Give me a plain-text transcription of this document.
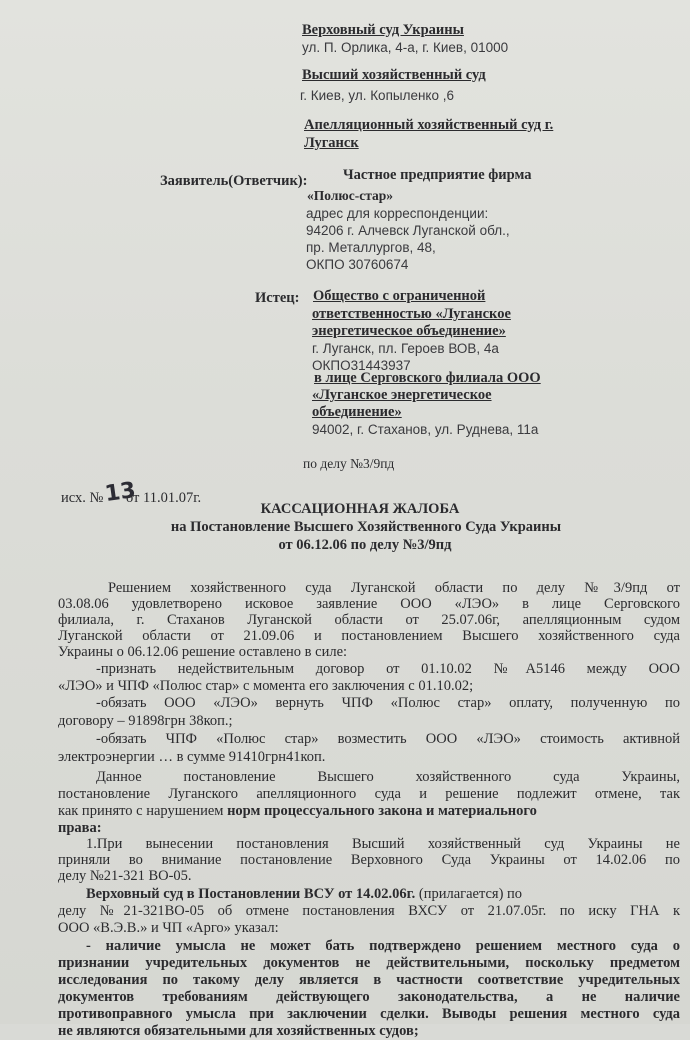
Верховный суд Украины
ул. П. Орлика, 4-а, г. Киев, 01000
Высший хозяйственный суд
г. Киев, ул. Копыленко ,6
Апелляционный хозяйственный суд г.
Луганск
Заявитель(Ответчик): Частное предприятие фирма
«Полюс-стар»
адрес для корреспонденции:
94206 г. Алчевск Луганской обл.,
пр. Металлургов, 48,
ОКПО 30760674
Истец: Общество с ограниченной
ответственностью «Луганское
энергетическое объединение»
г. Луганск, пл. Героев ВОВ, 4а
ОКПО31443937
в лице Серговского филиала ООО
«Луганское энергетическое
объединение»
94002, г. Стаханов, ул. Руднева, 11а
по делу №3/9пд
исх. № 13
от 11.01.07г.
КАССАЦИОННАЯ ЖАЛОБА
на Постановление Высшего Хозяйственного Суда Украины
от 06.12.06 по делу №3/9пд
Решением хозяйственного суда Луганской области по делу №3/9пд от
03.08.06 удовлетворено исковое заявление ООО «ЛЭО» в лице Серговского
филиала, г. Стаханов Луганской области от 25.07.06г, апелляционным судом
Луганской области от 21.09.06 и постановлением Высшего хозяйственного суда
Украины о 06.12.06 решение оставлено в силе:
-признать недействительным договор от 01.10.02 №А5146 между ООО
«ЛЭО» и ЧПФ «Полюс стар» с момента его заключения с 01.10.02;
-обязать ООО «ЛЭО» вернуть ЧПФ «Полюс стар» оплату, полученную по
договору – 91898грн 38коп.;
-обязать ЧПФ «Полюс стар» возместить ООО «ЛЭО» стоимость активной
электроэнергии … в сумме 91410грн41коп.
Данное постановление Высшего хозяйственного суда Украины,
постановление Луганского апелляционного суда и решение подлежит отмене, так
как принято с нарушением норм процессуального закона и материального
права:
1.При вынесении постановления Высший хозяйственный суд Украины не
приняли во внимание постановление Верховного Суда Украины от 14.02.06 по
делу №21-321 ВО-05.
Верховный суд в Постановлении ВСУ от 14.02.06г. (прилагается) по
делу №21-321ВО-05 об отмене постановления ВХСУ от 21.07.05г. по иску ГНА к
ООО «В.Э.В.» и ЧП «Арго» указал:
- наличие умысла не может бать подтверждено решением местного суда о
признании учредительных документов не действительными, поскольку предметом
исследования по такому делу является в частности соответствие учредительных
документов требованиям действующего законодательства, а не наличие
противоправного умысла при заключении сделки. Выводы решения местного суда
не являются обязательными для хозяйственных судов;
